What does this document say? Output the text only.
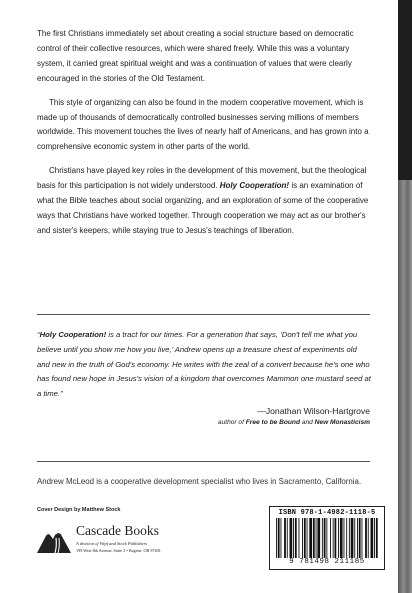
The first Christians immediately set about creating a social structure based on democratic control of their collective resources, which were shared freely. While this was a voluntary system, it carried great spiritual weight and was a continuation of values that were clearly encouraged in the stories of the Old Testament.

This style of organizing can also be found in the modern cooperative movement, which is made up of thousands of democratically controlled businesses serving millions of members worldwide. This movement touches the lives of nearly half of Americans, and has grown into a comprehensive economic system in other parts of the world.

Christians have played key roles in the development of this movement, but the theological basis for this participation is not widely understood. Holy Cooperation! is an examination of what the Bible teaches about social organizing, and an exploration of some of the cooperative ways that Christians have worked together. Through cooperation we may act as our brother's and sister's keepers, while staying true to Jesus's teachings of liberation.

“Holy Cooperation! is a tract for our times. For a generation that says, ‘Don't tell me what you believe until you show me how you live,’ Andrew opens up a treasure chest of experiments old and new in the truth of God's economy. He writes with the zeal of a convert because he's one who has found new hope in Jesus's vision of a kingdom that overcomes Mammon one mustard seed at a time.”
—Jonathan Wilson-Hartgrove
author of Free to be Bound and New Monasticism
Andrew McLeod is a cooperative development specialist who lives in Sacramento, California.
Cover Design by Matthew Stock
Cascade Books
A division of Wipf and Stock Publishers
199 West 8th Avenue, Suite 3 • Eugene, OR 97401
ISBN 978-1-4982-1118-5
9 781498 211185
